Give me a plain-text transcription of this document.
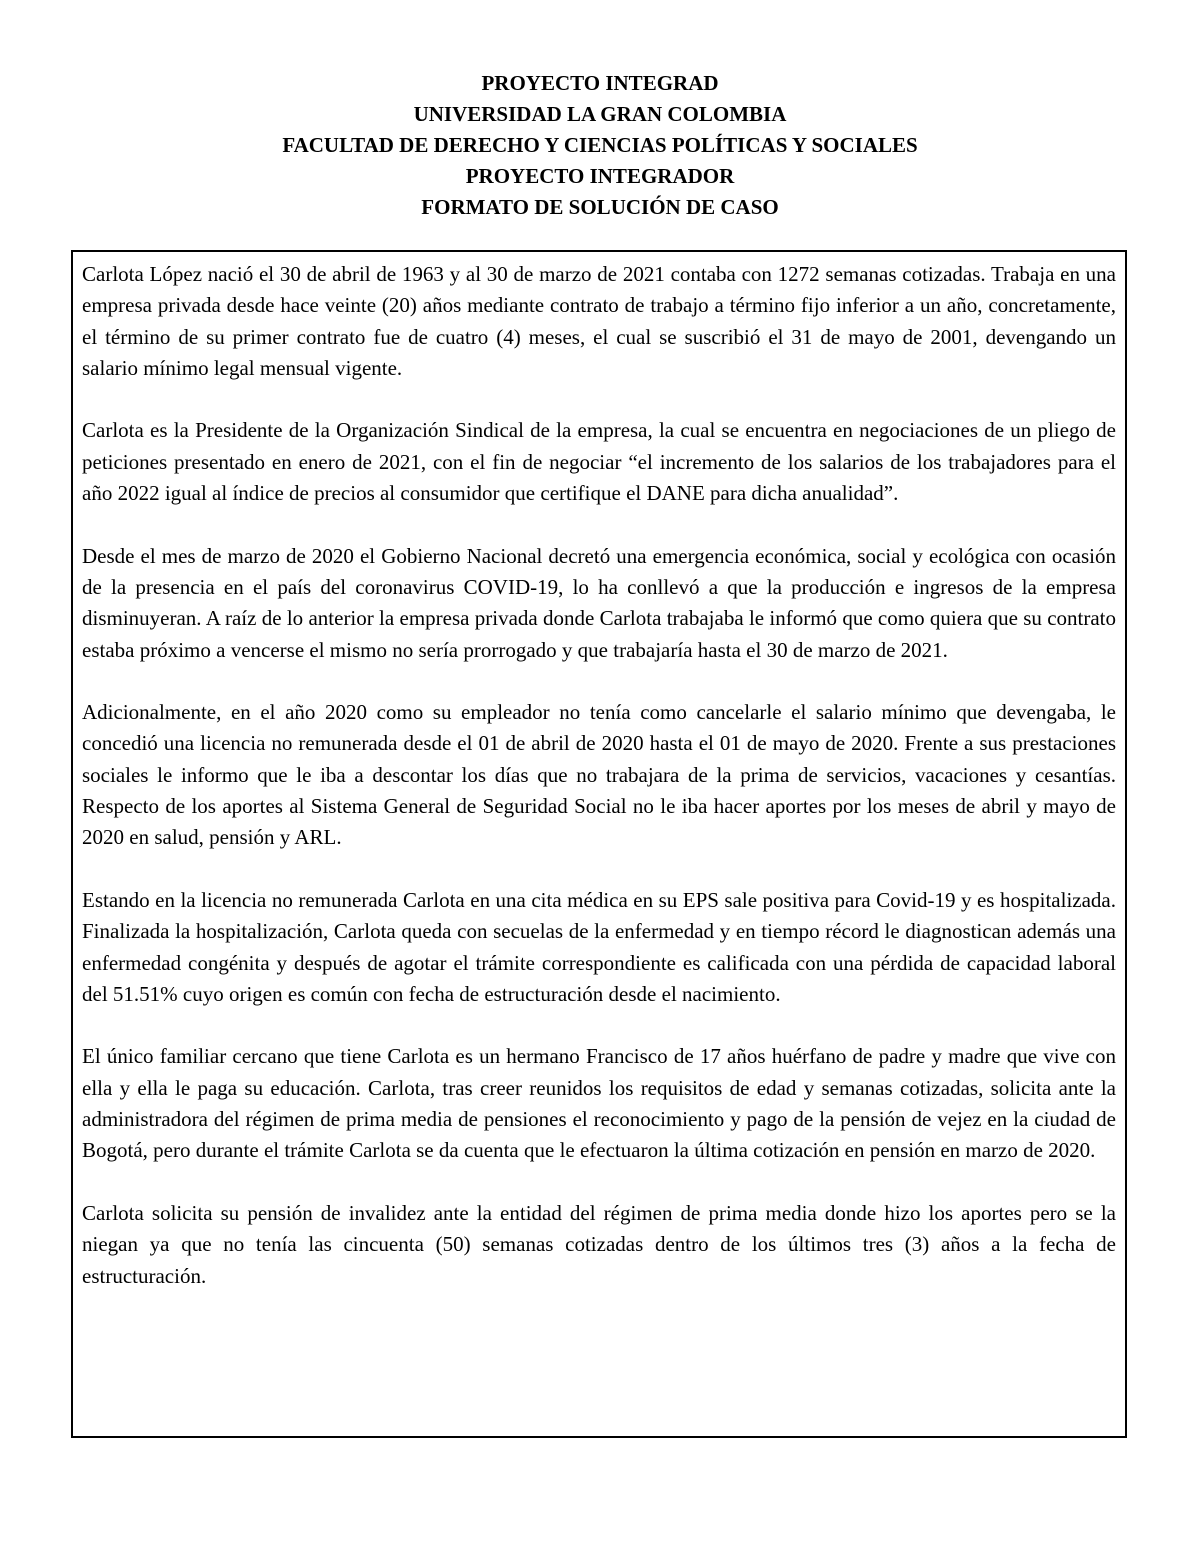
PROYECTO INTEGRAD
UNIVERSIDAD LA GRAN COLOMBIA
FACULTAD DE DERECHO Y CIENCIAS POLÍTICAS Y SOCIALES
PROYECTO INTEGRADOR
FORMATO DE SOLUCIÓN DE CASO

Carlota López nació el 30 de abril de 1963 y al 30 de marzo de 2021 contaba con 1272 semanas cotizadas. Trabaja en una empresa privada desde hace veinte (20) años mediante contrato de trabajo a término fijo inferior a un año, concretamente, el término de su primer contrato fue de cuatro (4) meses, el cual se suscribió el 31 de mayo de 2001, devengando un salario mínimo legal mensual vigente.

Carlota es la Presidente de la Organización Sindical de la empresa, la cual se encuentra en negociaciones de un pliego de peticiones presentado en enero de 2021, con el fin de negociar “el incremento de los salarios de los trabajadores para el año 2022 igual al índice de precios al consumidor que certifique el DANE para dicha anualidad”.

Desde el mes de marzo de 2020 el Gobierno Nacional decretó una emergencia económica, social y ecológica con ocasión de la presencia en el país del coronavirus COVID-19, lo ha conllevó a que la producción e ingresos de la empresa disminuyeran. A raíz de lo anterior la empresa privada donde Carlota trabajaba le informó que como quiera que su contrato estaba próximo a vencerse el mismo no sería prorrogado y que trabajaría hasta el 30 de marzo de 2021.

Adicionalmente, en el año 2020 como su empleador no tenía como cancelarle el salario mínimo que devengaba, le concedió una licencia no remunerada desde el 01 de abril de 2020 hasta el 01 de mayo de 2020. Frente a sus prestaciones sociales le informo que le iba a descontar los días que no trabajara de la prima de servicios, vacaciones y cesantías. Respecto de los aportes al Sistema General de Seguridad Social no le iba hacer aportes por los meses de abril y mayo de 2020 en salud, pensión y ARL.

Estando en la licencia no remunerada Carlota en una cita médica en su EPS sale positiva para Covid-19 y es hospitalizada. Finalizada la hospitalización, Carlota queda con secuelas de la enfermedad y en tiempo récord le diagnostican además una enfermedad congénita y después de agotar el trámite correspondiente es calificada con una pérdida de capacidad laboral del 51.51% cuyo origen es común con fecha de estructuración desde el nacimiento.

El único familiar cercano que tiene Carlota es un hermano Francisco de 17 años huérfano de padre y madre que vive con ella y ella le paga su educación. Carlota, tras creer reunidos los requisitos de edad y semanas cotizadas, solicita ante la administradora del régimen de prima media de pensiones el reconocimiento y pago de la pensión de vejez en la ciudad de Bogotá, pero durante el trámite Carlota se da cuenta que le efectuaron la última cotización en pensión en marzo de 2020.

Carlota solicita su pensión de invalidez ante la entidad del régimen de prima media donde hizo los aportes pero se la niegan ya que no tenía las cincuenta (50) semanas cotizadas dentro de los últimos tres (3) años a la fecha de estructuración.
